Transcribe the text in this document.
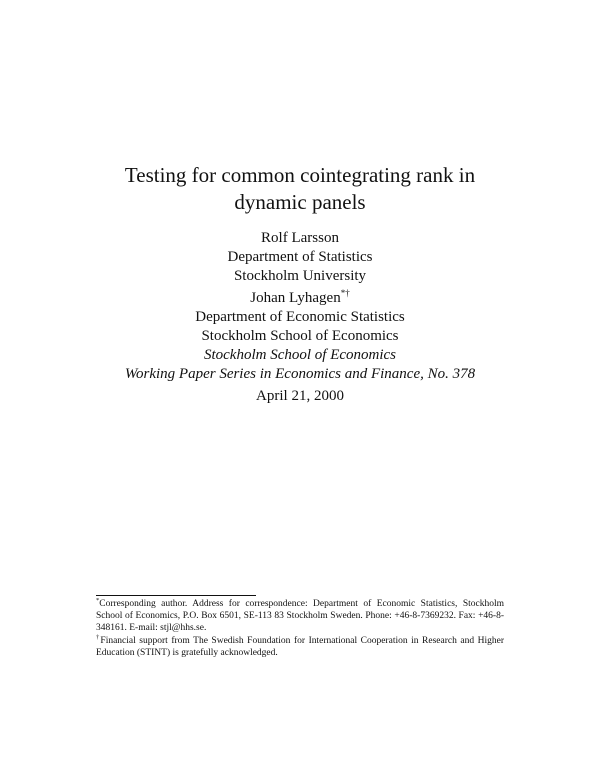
Testing for common cointegrating rank in
dynamic panels
Rolf Larsson
Department of Statistics
Stockholm University
Johan Lyhagen*†
Department of Economic Statistics
Stockholm School of Economics
Stockholm School of Economics
Working Paper Series in Economics and Finance, No. 378
April 21, 2000

*Corresponding author. Address for correspondence: Department of Economic Statistics, Stockholm School of Economics, P.O. Box 6501, SE-113 83 Stockholm Sweden. Phone: +46-8-7369232. Fax: +46-8-348161. E-mail: stjl@hhs.se.

†Financial support from The Swedish Foundation for International Cooperation in Research and Higher Education (STINT) is gratefully acknowledged.
